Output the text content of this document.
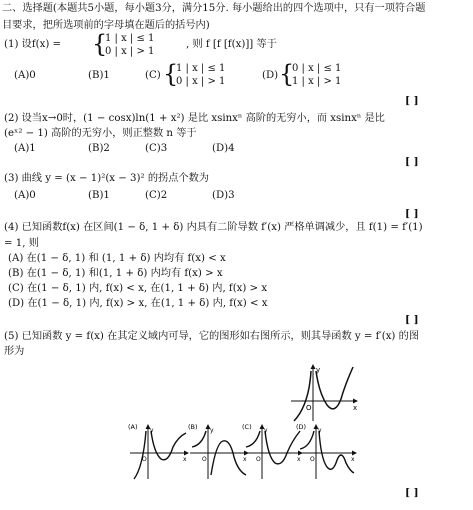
二、选择题(本题共5小题，每小题3分，满分15分. 每小题给出的四个选项中，只有一项符合题
目要求，把所选项前的字母填在题后的括号内)
(1) 设f(x) = {
1 | x | ≤ 1
0 | x | > 1
, 则 f [f [f(x)]] 等于
(A)0	(B)1	(C) {
1 | x | ≤ 1
0 | x | > 1
(D) {
0 | x | ≤ 1
1 | x | > 1
[ ]
(2) 设当x→0时，(1 − cosx)ln(1 + x²) 是比 xsinxⁿ 高阶的无穷小，而 xsinxⁿ 是比
(eˣ² − 1) 高阶的无穷小，则正整数 n 等于
(A)1	(B)2	(C)3	(D)4
[ ]
(3) 曲线 y = (x − 1)²(x − 3)² 的拐点个数为
(A)0	(B)1	(C)2	(D)3
[ ]
(4) 已知函数f(x) 在区间(1 − δ, 1 + δ) 内具有二阶导数 f′(x) 严格单调减少，且 f(1) = f′(1)
= 1, 则
(A) 在(1 − δ, 1) 和 (1, 1 + δ) 内均有 f(x) < x
(B) 在(1 − δ, 1) 和(1, 1 + δ) 内均有 f(x) > x
(C) 在(1 − δ, 1) 内, f(x) < x, 在(1, 1 + δ) 内, f(x) > x
(D) 在(1 − δ, 1) 内, f(x) > x, 在(1, 1 + δ) 内, f(x) < x
[ ]
(5) 已知函数 y = f(x) 在其定义域内可导，它的图形如右图所示，则其导函数 y = f′(x) 的图
形为
y
O	x
(A) y
O	x
(B) y
O	x
(C) y
O	x
(D) y
O	x
[ ]
